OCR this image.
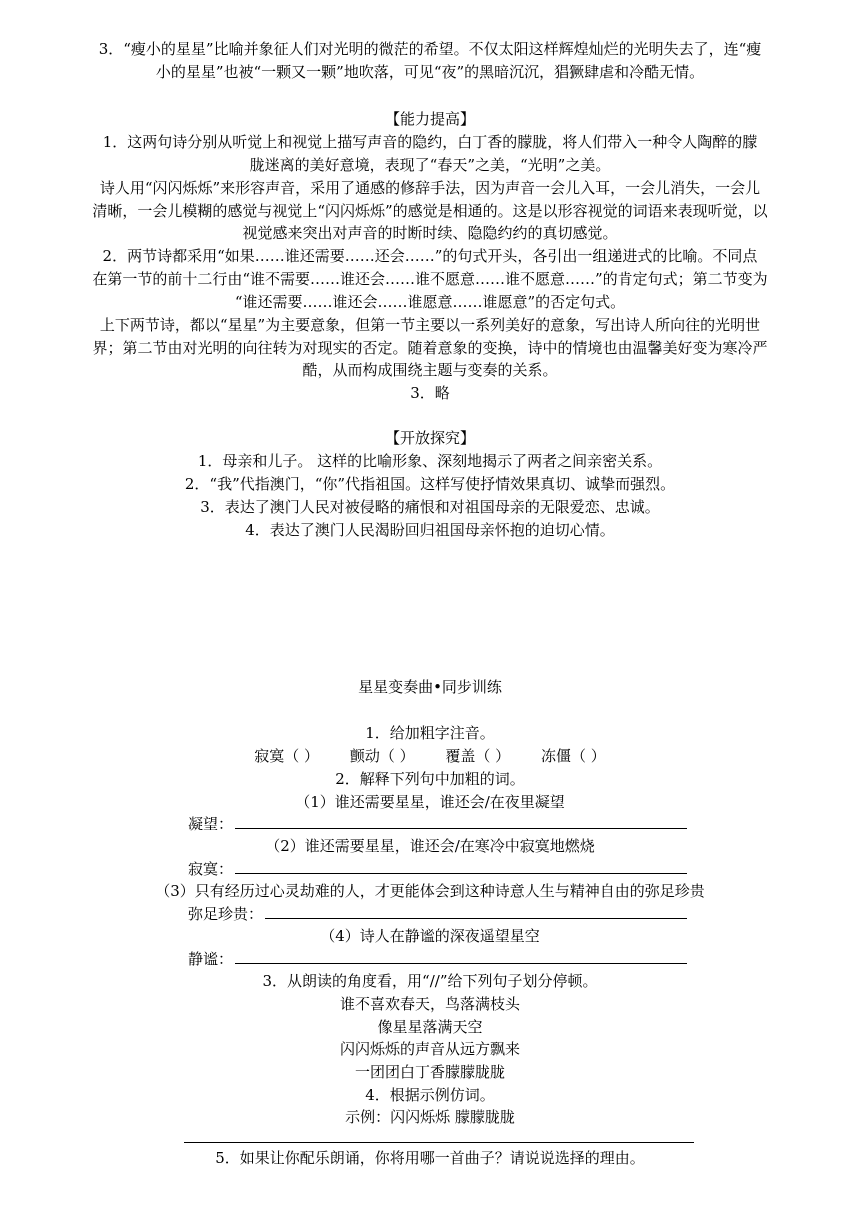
3．“瘦小的星星”比喻并象征人们对光明的微茫的希望。不仅太阳这样辉煌灿烂的光明失去了，连“瘦
小的星星”也被“一颗又一颗”地吹落，可见“夜”的黑暗沉沉，猖獗肆虐和冷酷无情。
【能力提高】
1．这两句诗分别从听觉上和视觉上描写声音的隐约，白丁香的朦胧，将人们带入一种令人陶醉的朦
胧迷离的美好意境，表现了“春天”之美，“光明”之美。
诗人用“闪闪烁烁”来形容声音，采用了通感的修辞手法，因为声音一会儿入耳，一会儿消失，一会儿
清晰，一会儿模糊的感觉与视觉上“闪闪烁烁”的感觉是相通的。这是以形容视觉的词语来表现听觉，以
视觉感来突出对声音的时断时续、隐隐约约的真切感觉。
2．两节诗都采用“如果……谁还需要……还会……”的句式开头，各引出一组递进式的比喻。不同点
在第一节的前十二行由“谁不需要……谁还会……谁不愿意……谁不愿意……”的肯定句式；第二节变为
“谁还需要……谁还会……谁愿意……谁愿意”的否定句式。
上下两节诗，都以“星星”为主要意象，但第一节主要以一系列美好的意象，写出诗人所向往的光明世
界；第二节由对光明的向往转为对现实的否定。随着意象的变换，诗中的情境也由温馨美好变为寒冷严
酷，从而构成围绕主题与变奏的关系。
3．略
【开放探究】
1．母亲和儿子。 这样的比喻形象、深刻地揭示了两者之间亲密关系。
2．“我”代指澳门，“你”代指祖国。这样写使抒情效果真切、诚挚而强烈。
3．表达了澳门人民对被侵略的痛恨和对祖国母亲的无限爱恋、忠诚。
4．表达了澳门人民渴盼回归祖国母亲怀抱的迫切心情。
星星变奏曲•同步训练
1．给加粗字注音。
寂寞（ ） 颤动（ ） 覆盖（ ） 冻僵（ ）
2．解释下列句中加粗的词。
（1）谁还需要星星，谁还会/在夜里凝望
凝望：
（2）谁还需要星星，谁还会/在寒冷中寂寞地燃烧
寂寞：
（3）只有经历过心灵劫难的人，才更能体会到这种诗意人生与精神自由的弥足珍贵
弥足珍贵：
（4）诗人在静谧的深夜遥望星空
静谧：
3．从朗读的角度看，用“//”给下列句子划分停顿。
谁不喜欢春天，鸟落满枝头
像星星落满天空
闪闪烁烁的声音从远方飘来
一团团白丁香朦朦胧胧
4．根据示例仿词。
示例：闪闪烁烁 朦朦胧胧
5．如果让你配乐朗诵，你将用哪一首曲子？请说说选择的理由。
